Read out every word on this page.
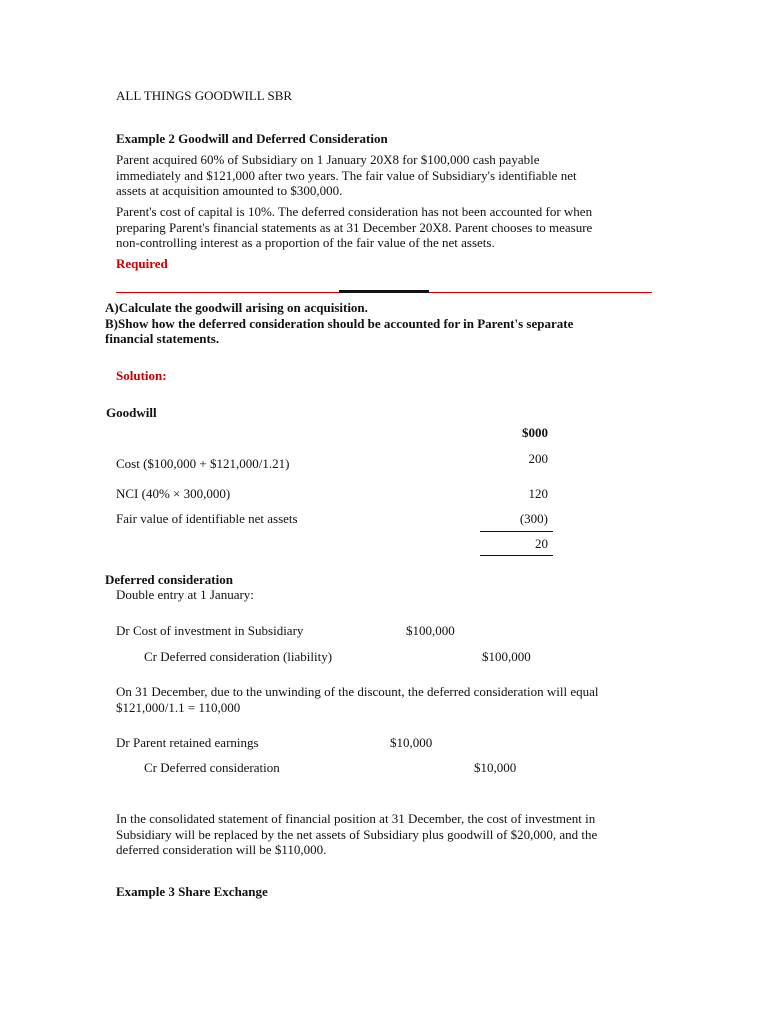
ALL THINGS GOODWILL SBR
Example 2 Goodwill and Deferred Consideration
Parent acquired 60% of Subsidiary on 1 January 20X8 for $100,000 cash payable
immediately and $121,000 after two years. The fair value of Subsidiary's identifiable net
assets at acquisition amounted to $300,000.
Parent's cost of capital is 10%. The deferred consideration has not been accounted for when
preparing Parent's financial statements as at 31 December 20X8. Parent chooses to measure
non-controlling interest as a proportion of the fair value of the net assets.
Required
A)Calculate the goodwill arising on acquisition.
B)Show how the deferred consideration should be accounted for in Parent's separate
financial statements.
Solution:
Goodwill
$000
Cost ($100,000 + $121,000/1.21)	200
NCI (40% × 300,000)	120
Fair value of identifiable net assets	(300)
20
Deferred consideration
Double entry at 1 January:
Dr Cost of investment in Subsidiary	$100,000
Cr Deferred consideration (liability)	$100,000
On 31 December, due to the unwinding of the discount, the deferred consideration will equal
$121,000/1.1 = 110,000
Dr Parent retained earnings	$10,000
Cr Deferred consideration	$10,000
In the consolidated statement of financial position at 31 December, the cost of investment in
Subsidiary will be replaced by the net assets of Subsidiary plus goodwill of $20,000, and the
deferred consideration will be $110,000.
Example 3 Share Exchange
